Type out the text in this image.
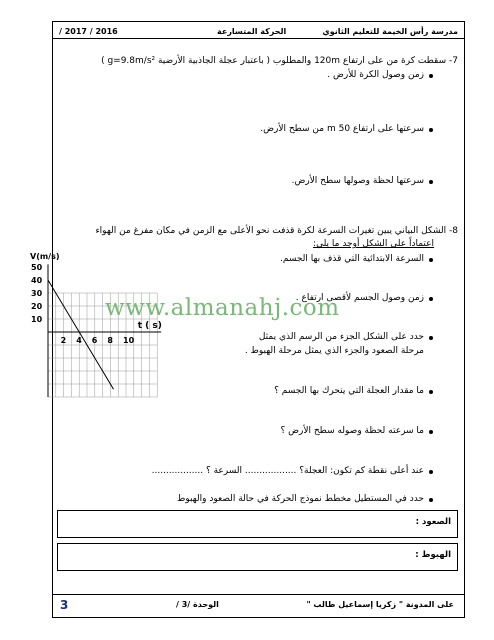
مدرسة رأس الخيمة للتعليم الثانوي
الحركة المتسارعة
/ 2017 / 2016
7- سقطت كرة من على ارتفاع 120m والمطلوب ( باعتبار عجلة الجاذبية الأرضية g=9.8m/s² )
زمن وصول الكرة للأرض .
سرعتها على ارتفاع 50 m من سطح الأرض.
سرعتها لحظة وصولها سطح الأرض.
8- الشكل البياني يبين تغيرات السرعة لكرة قذفت نحو الأعلى مع الزمن في مكان مفرغ من الهواء
اعتماداً على الشكل أوجد ما يلي:
السرعة الابتدائية التي قذف بها الجسم.
زمن وصول الجسم لأقصى ارتفاع .
حدد على الشكل الجزء من الرسم الذي يمثل
مرحلة الصعود والجزء الذي يمثل مرحلة الهبوط .
ما مقدار العجلة التي يتحرك بها الجسم ؟
ما سرعته لحظة وصوله سطح الأرض ؟
عند أعلى نقطة كم تكون: العجلة؟ .................. السرعة ؟ ..................
حدد في المستطيل مخطط نموذج الحركة في حالة الصعود والهبوط
50
40
30
20
10
2 4 6 8 10
V(m/s)
t ( s)
www.almanahj.com
الصعود :
الهبوط :
على المدونة " زكريا إسماعيل طالب "
الوحدة /3 /
3
